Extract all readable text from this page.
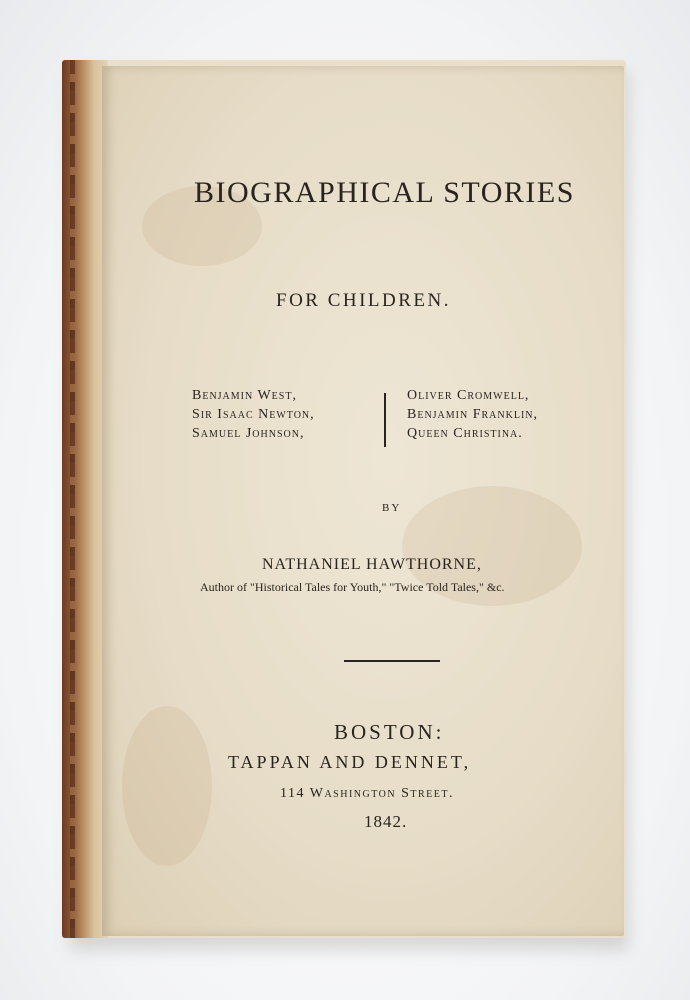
BIOGRAPHICAL STORIES
FOR CHILDREN.
Benjamin West,
Sir Isaac Newton,
Samuel Johnson,
Oliver Cromwell,
Benjamin Franklin,
Queen Christina.
BY
NATHANIEL HAWTHORNE,
Author of "Historical Tales for Youth," "Twice Told Tales," &c.
BOSTON:
TAPPAN AND DENNET,
114 Washington Street.
1842.
